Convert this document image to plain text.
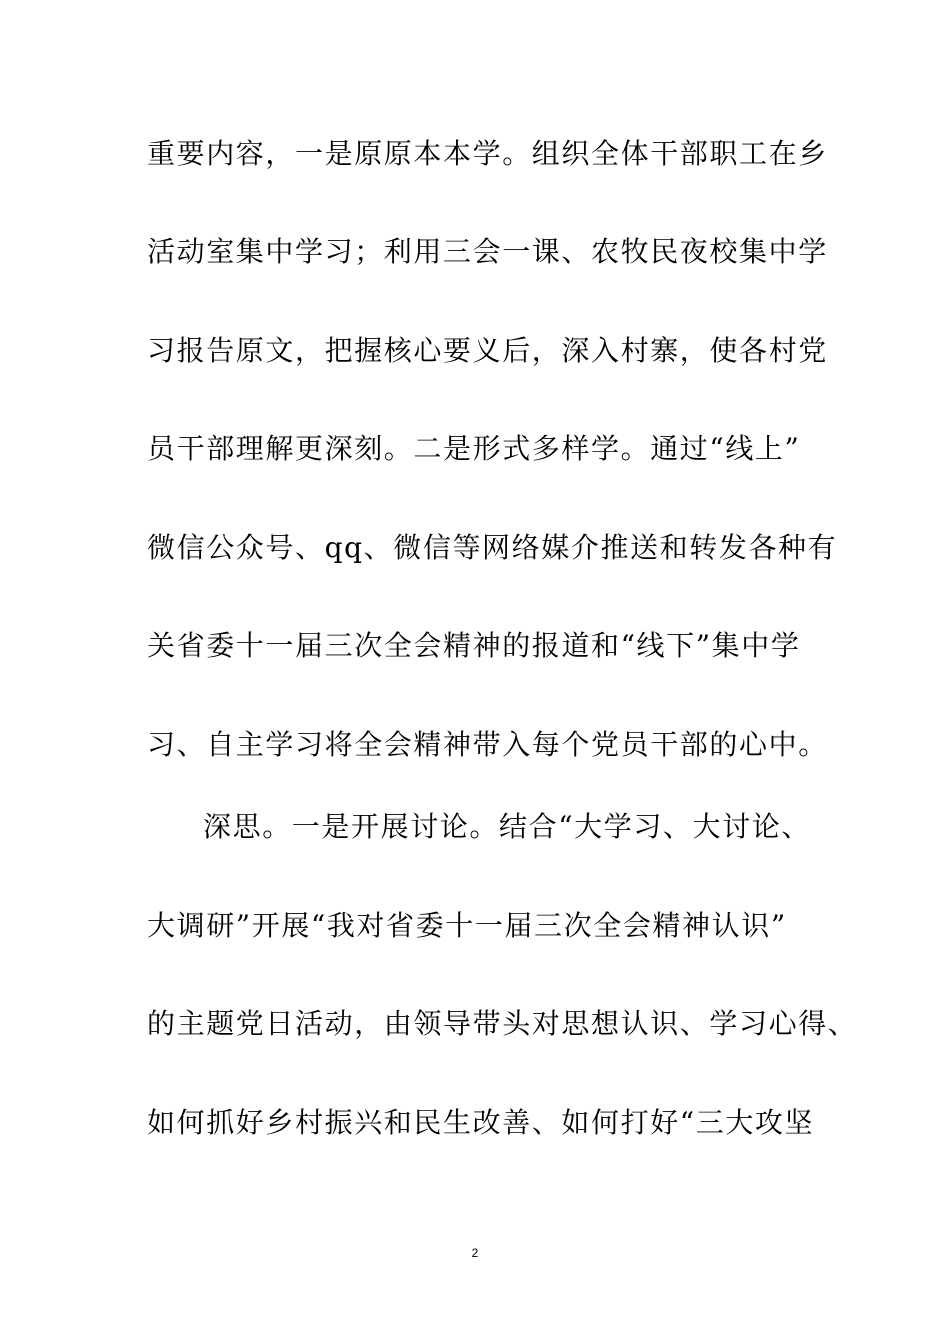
重要内容，一是原原本本学。组织全体干部职工在乡
活动室集中学习；利用三会一课、农牧民夜校集中学
习报告原文，把握核心要义后，深入村寨，使各村党
员干部理解更深刻。二是形式多样学。通过“线上”
微信公众号、qq、微信等网络媒介推送和转发各种有
关省委十一届三次全会精神的报道和“线下”集中学
习、自主学习将全会精神带入每个党员干部的心中。
深思。一是开展讨论。结合“大学习、大讨论、
大调研”开展“我对省委十一届三次全会精神认识”
的主题党日活动，由领导带头对思想认识、学习心得、
如何抓好乡村振兴和民生改善、如何打好“三大攻坚
2
